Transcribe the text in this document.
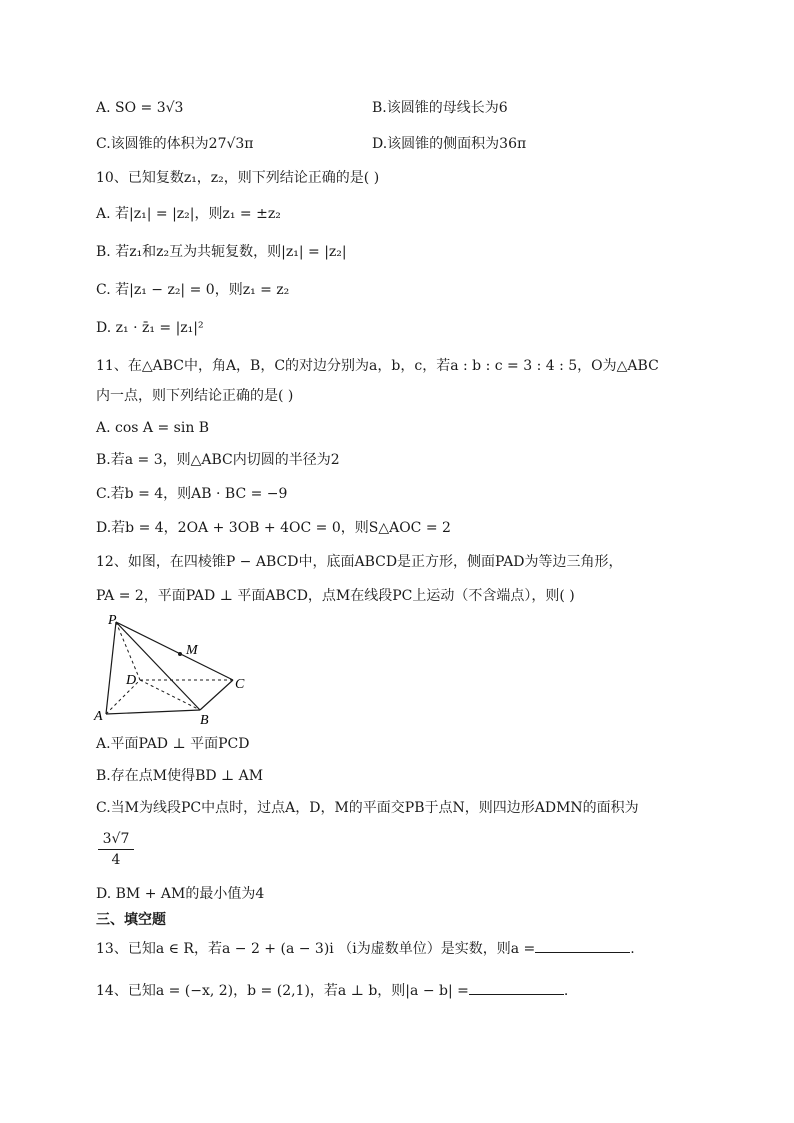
A. SO = 3√3	B.该圆锥的母线长为6
C.该圆锥的体积为27√3π	D.该圆锥的侧面积为36π
10、已知复数z₁，z₂，则下列结论正确的是( )
A. 若|z₁| = |z₂|，则z₁ = ±z₂
B. 若z₁和z₂互为共轭复数，则|z₁| = |z₂|
C. 若|z₁ − z₂| = 0，则z₁ = z₂
D. z₁ · z̄₁ = |z₁|²
11、在△ABC中，角A，B，C的对边分别为a，b，c，若a : b : c = 3 : 4 : 5，O为△ABC
内一点，则下列结论正确的是( )
A. cos A = sin B
B.若a = 3，则△ABC内切圆的半径为2
C.若b = 4，则AB · BC = −9
D.若b = 4，2OA + 3OB + 4OC = 0，则S△AOC = 2
12、如图，在四棱锥P − ABCD中，底面ABCD是正方形，侧面PAD为等边三角形，
PA = 2，平面PAD ⊥ 平面ABCD，点M在线段PC上运动（不含端点），则( )
P
M
D	C
A	B
A.平面PAD ⊥ 平面PCD
B.存在点M使得BD ⊥ AM
C.当M为线段PC中点时，过点A，D，M的平面交PB于点N，则四边形ADMN的面积为
3√7
4
D. BM + AM的最小值为4
三、填空题
13、已知a ∈ R，若a − 2 + (a − 3)i （i为虚数单位）是实数，则a =	.
14、已知a = (−x, 2)，b = (2,1)，若a ⊥ b，则|a − b| =	.
